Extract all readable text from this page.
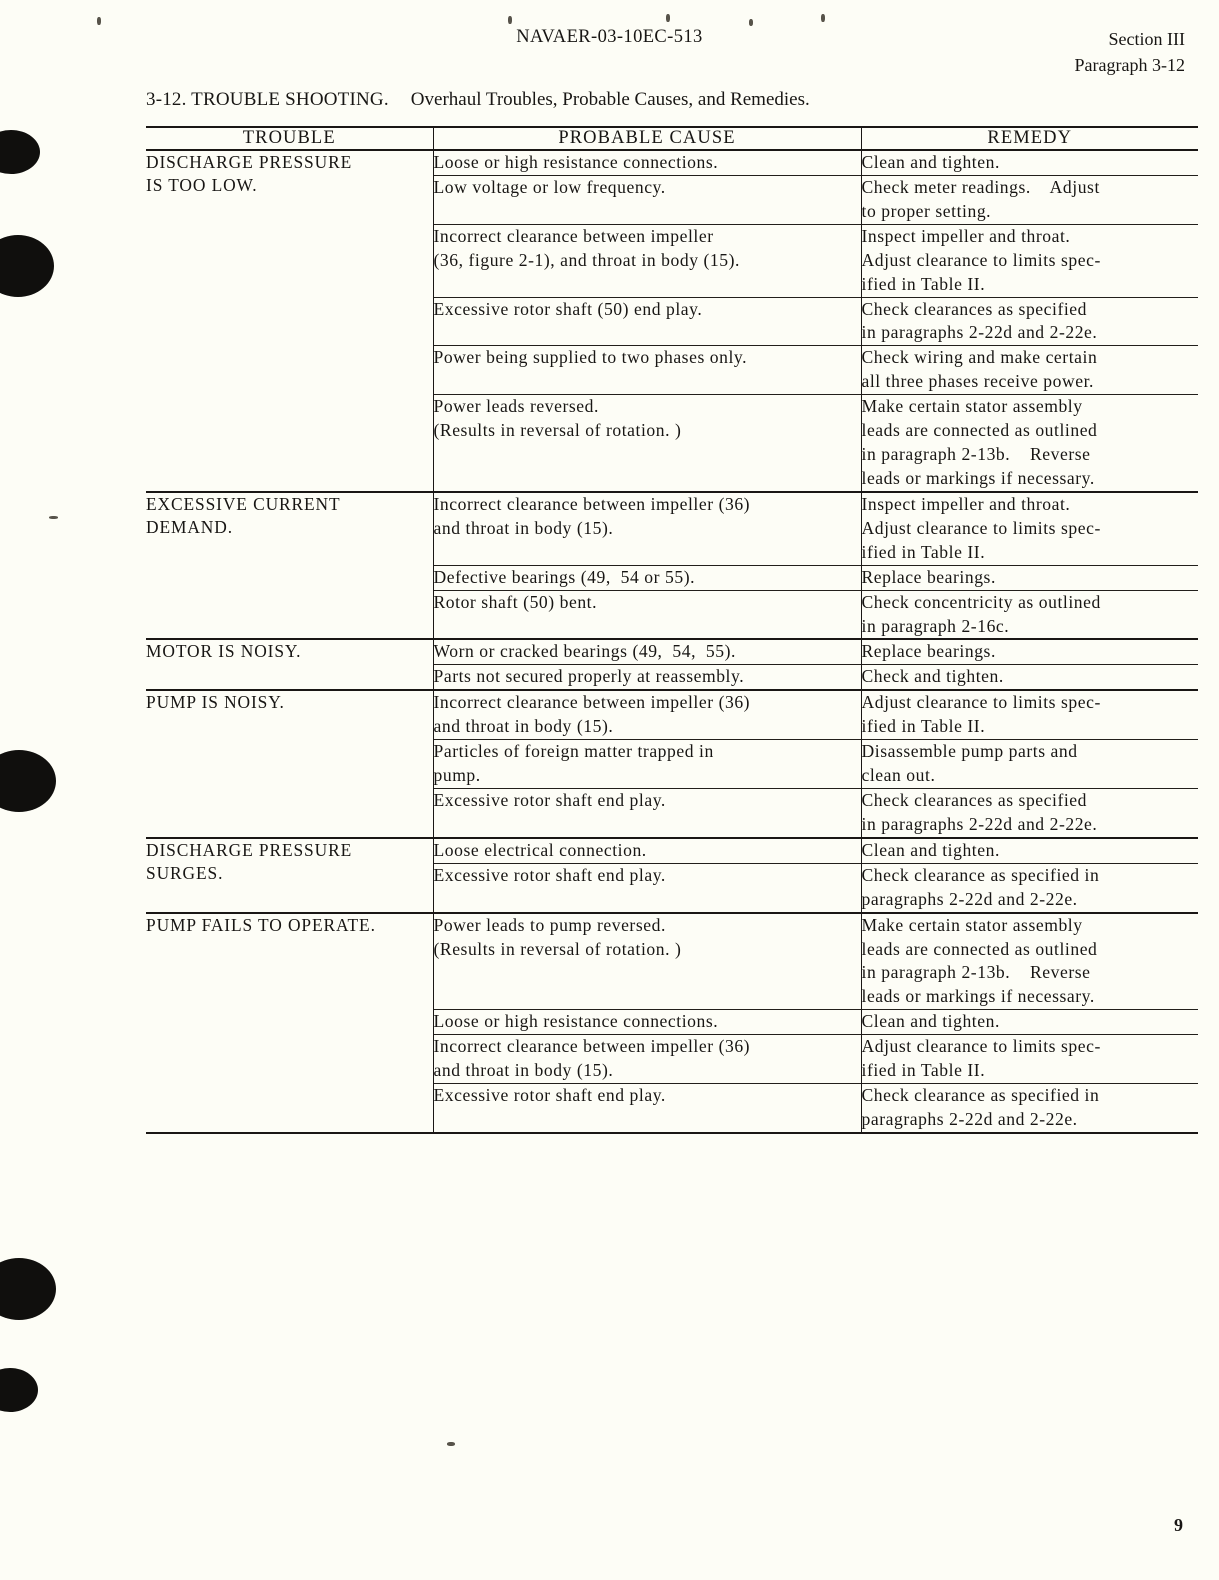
NAVAER-03-10EC-513	Section III
Paragraph 3-12
3-12. TROUBLE SHOOTING. Overhaul Troubles, Probable Causes, and Remedies.

TROUBLE	PROBABLE CAUSE	REMEDY

DISCHARGE PRESSURE
IS TOO LOW.	Loose or high resistance connections.	Clean and tighten.

	Low voltage or low frequency.	Check meter readings.    Adjust
to proper setting.

	Incorrect clearance between impeller
(36, figure 2-1), and throat in body (15).	Inspect impeller and throat.
Adjust clearance to limits spec-
ified in Table II.

	Excessive rotor shaft (50) end play.	Check clearances as specified
in paragraphs 2-22d and 2-22e.

	Power being supplied to two phases only.	Check wiring and make certain
all three phases receive power.

	Power leads reversed.
(Results in reversal of rotation. )	Make certain stator assembly
leads are connected as outlined
in paragraph 2-13b.    Reverse
leads or markings if necessary.

EXCESSIVE CURRENT
DEMAND.	Incorrect clearance between impeller (36)
and throat in body (15).	Inspect impeller and throat.
Adjust clearance to limits spec-
ified in Table II.

	Defective bearings (49,  54 or 55).	Replace bearings.

	Rotor shaft (50) bent.	Check concentricity as outlined
in paragraph 2-16c.

MOTOR IS NOISY.	Worn or cracked bearings (49,  54,  55).	Replace bearings.

	Parts not secured properly at reassembly.	Check and tighten.

PUMP IS NOISY.	Incorrect clearance between impeller (36)
and throat in body (15).	Adjust clearance to limits spec-
ified in Table II.

	Particles of foreign matter trapped in
pump.	Disassemble pump parts and
clean out.

	Excessive rotor shaft end play.	Check clearances as specified
in paragraphs 2-22d and 2-22e.

DISCHARGE PRESSURE
SURGES.	Loose electrical connection.	Clean and tighten.

	Excessive rotor shaft end play.	Check clearance as specified in
paragraphs 2-22d and 2-22e.

PUMP FAILS TO OPERATE.	Power leads to pump reversed.
(Results in reversal of rotation. )	Make certain stator assembly
leads are connected as outlined
in paragraph 2-13b.    Reverse
leads or markings if necessary.

	Loose or high resistance connections.	Clean and tighten.

	Incorrect clearance between impeller (36)
and throat in body (15).	Adjust clearance to limits spec-
ified in Table II.

	Excessive rotor shaft end play.	Check clearance as specified in
paragraphs 2-22d and 2-22e.

9
